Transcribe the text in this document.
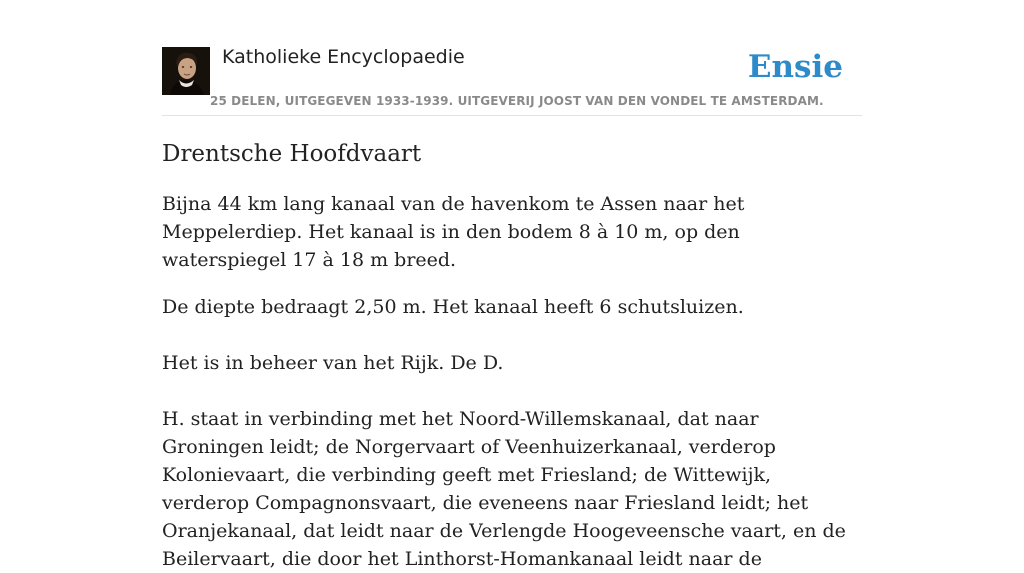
Katholieke Encyclopaedie
25 DELEN, UITGEGEVEN 1933-1939. UITGEVERIJ JOOST VAN DEN VONDEL TE AMSTERDAM.
Ensie
Drentsche Hoofdvaart

Bijna 44 km lang kanaal van de havenkom te Assen naar het Meppelerdiep. Het kanaal is in den bodem 8 à 10 m, op den waterspiegel 17 à 18 m breed.

De diepte bedraagt 2,50 m. Het kanaal heeft 6 schutsluizen.

Het is in beheer van het Rijk. De D.

H. staat in verbinding met het Noord-Willemskanaal, dat naar Groningen leidt; de Norgervaart of Veenhuizerkanaal, verderop Kolonievaart, die verbinding geeft met Friesland; de Wittewijk, verderop Compagnonsvaart, die eveneens naar Friesland leidt; het Oranjekanaal, dat leidt naar de Verlengde Hoogeveensche vaart, en de Beilervaart, die door het Linthorst-Homankanaal leidt naar de
